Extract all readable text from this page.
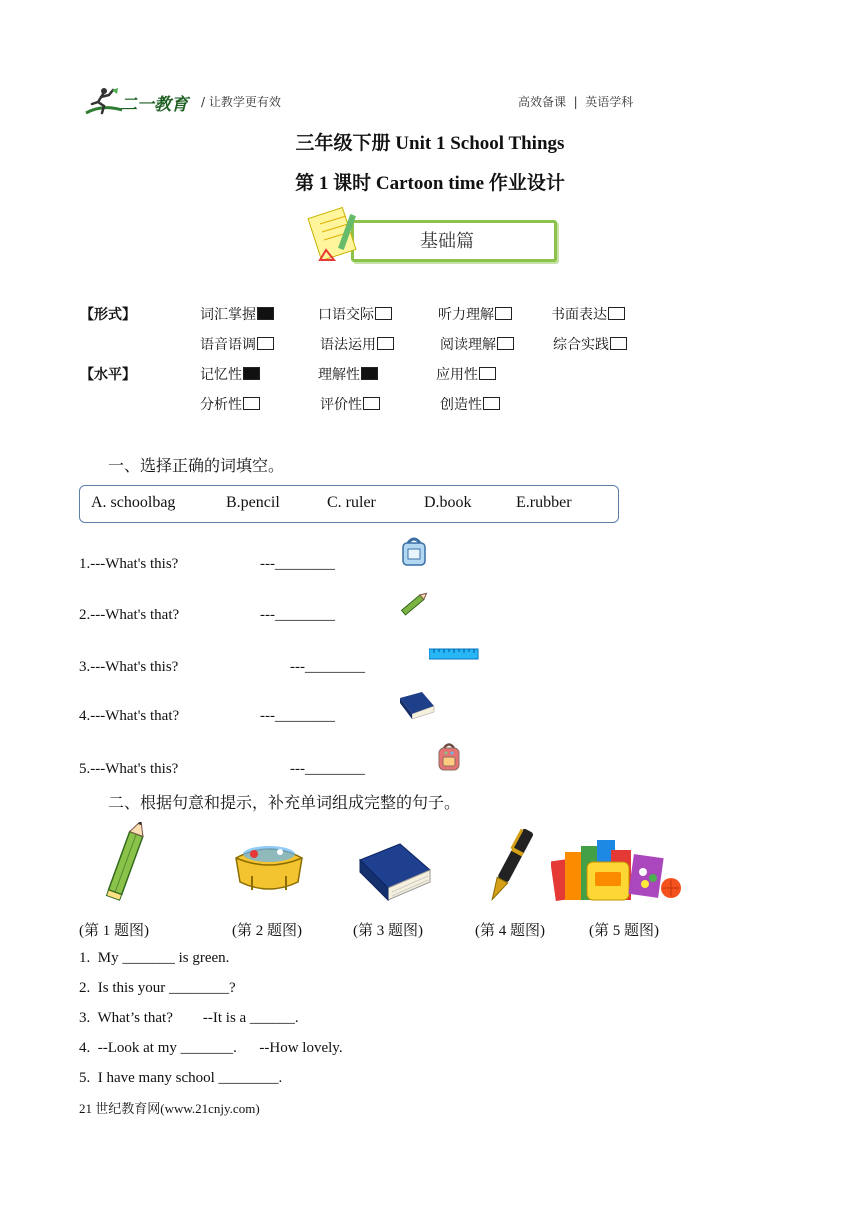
二一教育 / 让教学更有效	高效备课  |  英语学科
三年级下册 Unit 1 School Things
第 1 课时 Cartoon time 作业设计
基础篇
【形式】	词汇掌握	口语交际	听力理解	书面表达
语音语调	语法运用	阅读理解	综合实践
【水平】	记忆性	理解性	应用性
分析性	评价性	创造性
一、选择正确的词填空。
A. schoolbag	B.pencil	C. ruler	D.book	E.rubber
1.---What's this?	---________
2.---What's that?	---________
3.---What's this?	---________
4.---What's that?	---________
5.---What's this?	---________
二、根据句意和提示，补充单词组成完整的句子。
(第 1 题图)	(第 2 题图)	(第 3 题图)	(第 4 题图)	(第 5 题图)
1.  My _______ is green.
2.  Is this your ________?
3.  What’s that?        --It is a ______.
4.  --Look at my _______.      --How lovely.
5.  I have many school ________.
21 世纪教育网(www.21cnjy.com)
